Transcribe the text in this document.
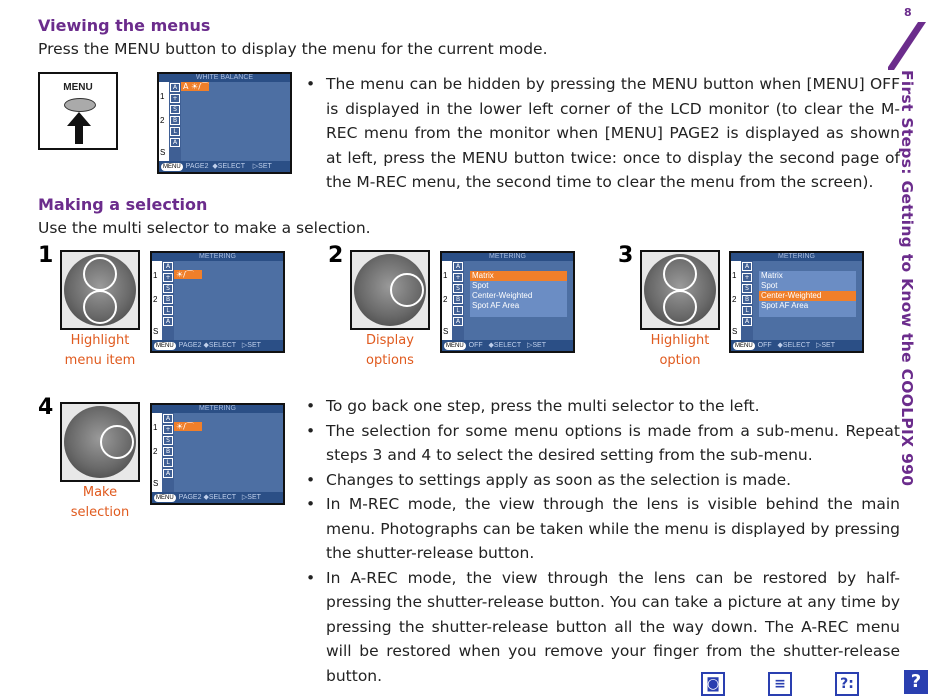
8
First Steps: Getting to Know the COOLPIX 990
Viewing the menus
Press the MENU button to display the menu for the current mode.
MENU
WHITE BALANCE
1
2
S
A
+
S
B
L
A
A ☀/⌒
MENU PAGE2 ◆SELECT ▷SET
• The menu can be hidden by pressing the MENU button when [MENU] OFF is displayed in the lower left corner of the LCD monitor (to clear the M-REC menu from the monitor when [MENU] PAGE2 is displayed as shown at left, press the MENU button twice: once to display the second page of the M-REC menu, the second time to clear the menu from the screen).
Making a selection
Use the multi selector to make a selection.
1
Highlight menu item
METERING
1
2
S
A
+
S
B
L
A
☀/⌒
MENU PAGE2 ◆SELECT ▷SET
2
Display options
METERING
1
2
S
A
+
S
B
L
A
Matrix
Spot
Center-Weighted
Spot AF Area
MENU OFF ◆SELECT ▷SET
3
Highlight option
METERING
1
2
S
A
+
S
B
L
A
Matrix
Spot
Center-Weighted
Spot AF Area
MENU OFF ◆SELECT ▷SET
4
Make selection
METERING
1
2
S
A
+
S
B
L
A
☀/⌒
MENU PAGE2 ◆SELECT ▷SET
• To go back one step, press the multi selector to the left.
• The selection for some menu options is made from a sub-menu. Repeat steps 3 and 4 to select the desired setting from the sub-menu.
• Changes to settings apply as soon as the selection is made.
• In M-REC mode, the view through the lens is visible behind the main menu. Photographs can be taken while the menu is displayed by pressing the shutter-release button.
• In A-REC mode, the view through the lens can be restored by half-pressing the shutter-release button. You can take a picture at any time by pressing the shutter-release button all the way down. The A-REC menu will be restored when you remove your finger from the shutter-release button.	◙	≡	?:	?
